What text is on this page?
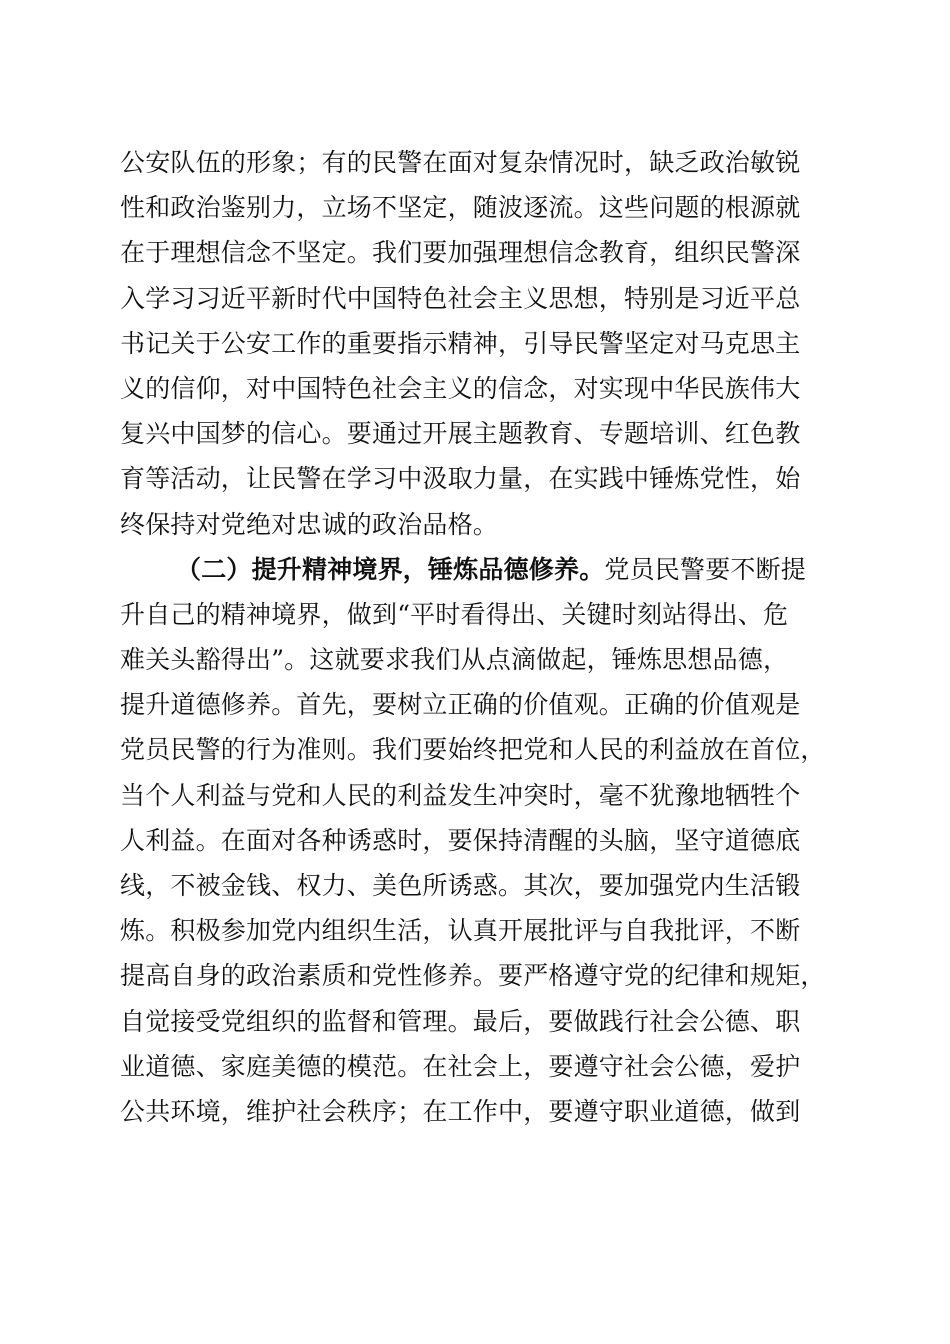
公安队伍的形象；有的民警在面对复杂情况时，缺乏政治敏锐
性和政治鉴别力，立场不坚定，随波逐流。这些问题的根源就
在于理想信念不坚定。我们要加强理想信念教育，组织民警深
入学习习近平新时代中国特色社会主义思想，特别是习近平总
书记关于公安工作的重要指示精神，引导民警坚定对马克思主
义的信仰，对中国特色社会主义的信念，对实现中华民族伟大
复兴中国梦的信心。要通过开展主题教育、专题培训、红色教
育等活动，让民警在学习中汲取力量，在实践中锤炼党性，始
终保持对党绝对忠诚的政治品格。
（二）提升精神境界，锤炼品德修养。党员民警要不断提
升自己的精神境界，做到“平时看得出、关键时刻站得出、危
难关头豁得出”。这就要求我们从点滴做起，锤炼思想品德，
提升道德修养。首先，要树立正确的价值观。正确的价值观是
党员民警的行为准则。我们要始终把党和人民的利益放在首位，
当个人利益与党和人民的利益发生冲突时，毫不犹豫地牺牲个
人利益。在面对各种诱惑时，要保持清醒的头脑，坚守道德底
线，不被金钱、权力、美色所诱惑。其次，要加强党内生活锻
炼。积极参加党内组织生活，认真开展批评与自我批评，不断
提高自身的政治素质和党性修养。要严格遵守党的纪律和规矩，
自觉接受党组织的监督和管理。最后，要做践行社会公德、职
业道德、家庭美德的模范。在社会上，要遵守社会公德，爱护
公共环境，维护社会秩序；在工作中，要遵守职业道德，做到
